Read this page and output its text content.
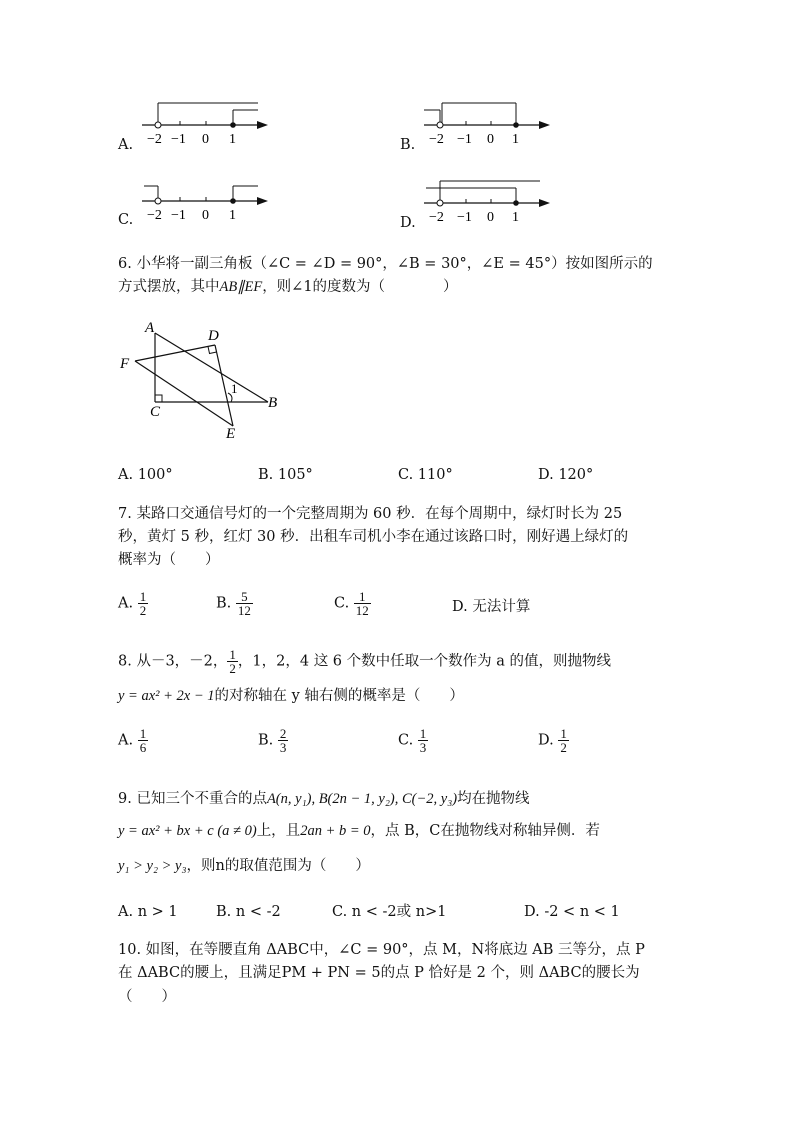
A. −2 −1 0 1	B. −2 −1 0 1
C. −2 −1 0 1	D. −2 −1 0 1
6. 小华将一副三角板（∠C = ∠D = 90°，∠B = 30°，∠E = 45°）按如图所示的
方式摆放，其中AB∥EF，则∠1的度数为（　　　　）
A	D
F
C
B
E
1
A. 100°	B. 105°	C. 110°	D. 120°
7. 某路口交通信号灯的一个完整周期为 60 秒．在每个周期中，绿灯时长为 25
秒，黄灯 5 秒，红灯 30 秒．出租车司机小李在通过该路口时，刚好遇上绿灯的
概率为（　　）
A. $\frac{1}{2}$	B. $\frac{5}{12}$	C. $\frac{1}{12}$	D. 无法计算
8. 从－3，－2， $\frac{1}{2}$ ，1，2，4 这 6 个数中任取一个数作为 a 的值，则抛物线
y = ax² + 2x − 1的对称轴在 y 轴右侧的概率是（　　）
A. $\frac{1}{6}$	B. $\frac{2}{3}$	C. $\frac{1}{3}$	D. $\frac{1}{2}$
9. 已知三个不重合的点A(n, y₁), B(2n − 1, y₂), C(−2, y₃)均在抛物线
y = ax² + bx + c (a ≠ 0)上，且2an + b = 0，点 B，C在抛物线对称轴异侧．若
y₁ > y₂ > y₃，则n的取值范围为（　　）
A. n > 1	B. n < -2	C. n < -2或 n>1	D. -2 < n < 1
10. 如图，在等腰直角 ΔABC中，∠C = 90°，点 M，N将底边 AB 三等分，点 P
在 ΔABC的腰上，且满足PM + PN = 5的点 P 恰好是 2 个，则 ΔABC的腰长为
（　　）
